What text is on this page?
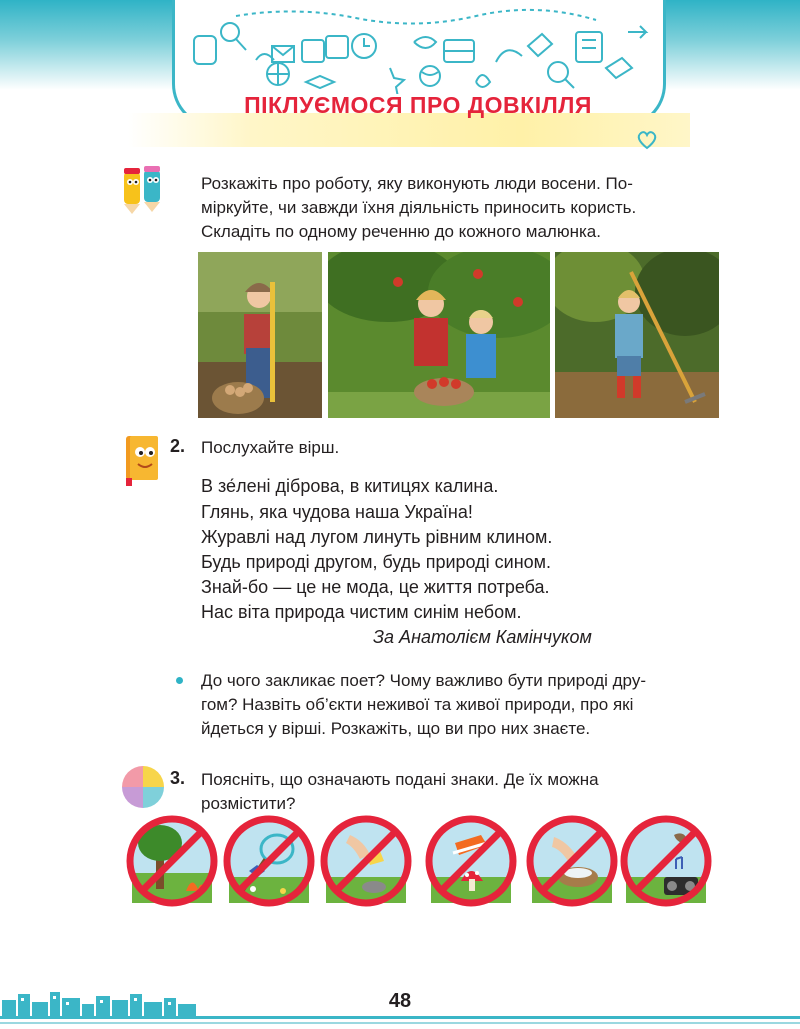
ПІКЛУЄМОСЯ ПРО ДОВКІЛЛЯ

Розкажіть про роботу, яку виконують люди восени. По-

міркуйте, чи завжди їхня діяльність приносить користь.

Складіть по одному реченню до кожного малюнка.

2. Послухайте вірш.

В зе́лені діброва, в китицях калина.
Глянь, яка чудова наша Україна!
Журавлі над лугом линуть рівним клином.
Будь природі другом, будь природі сином.
Знай-бо — це не мода, це життя потреба.
Нас віта природа чистим синім небом.
За Анатолієм Камінчуком

До чого закликає поет? Чому важливо бути природі дру-

гом? Назвіть об’єкти неживої та живої природи, про які

йдеться у вірші. Розкажіть, що ви про них знаєте.

3. Поясніть, що означають подані знаки. Де їх можна

розмістити?

48
